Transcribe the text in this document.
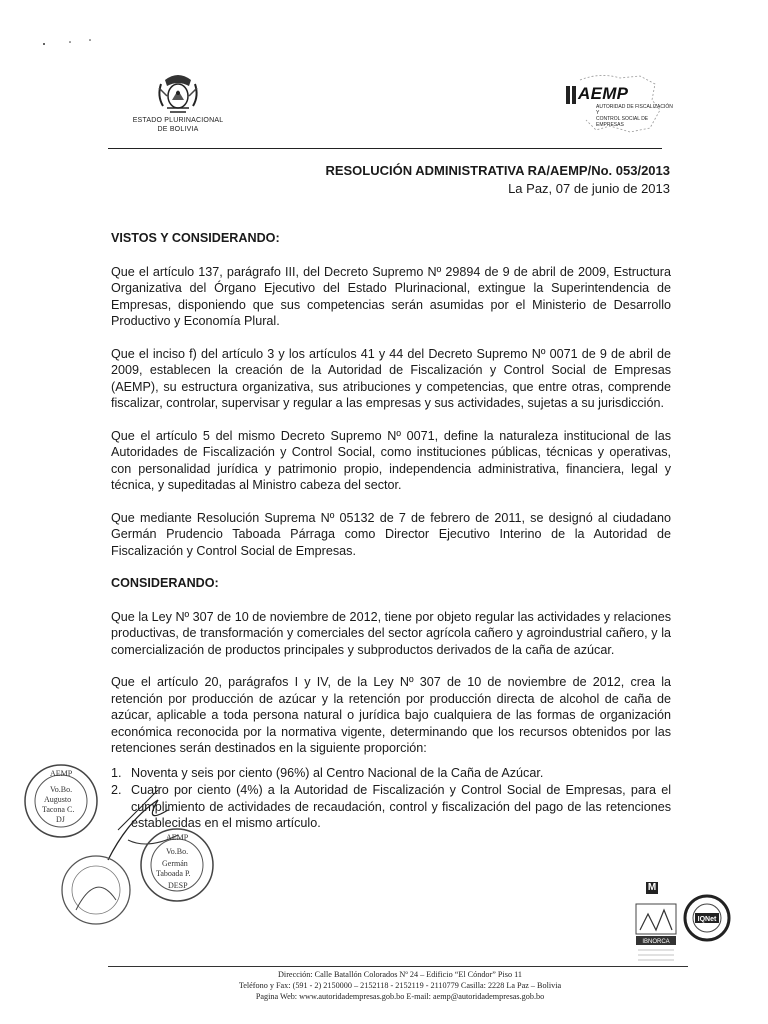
ESTADO PLURINACIONAL
DE BOLIVIA
AEMP
AUTORIDAD DE FISCALIZACIÓN Y
CONTROL SOCIAL DE EMPRESAS
RESOLUCIÓN ADMINISTRATIVA RA/AEMP/No. 053/2013
La Paz, 07 de junio de 2013
VISTOS Y CONSIDERANDO:

Que el artículo 137, parágrafo III, del Decreto Supremo Nº 29894 de 9 de abril de 2009, Estructura Organizativa del Órgano Ejecutivo del Estado Plurinacional, extingue la Superintendencia de Empresas, disponiendo que sus competencias serán asumidas por el Ministerio de Desarrollo Productivo y Economía Plural.

Que el inciso f) del artículo 3 y los artículos 41 y 44 del Decreto Supremo Nº 0071 de 9 de abril de 2009, establecen la creación de la Autoridad de Fiscalización y Control Social de Empresas (AEMP), su estructura organizativa, sus atribuciones y competencias, que entre otras, comprende fiscalizar, controlar, supervisar y regular a las empresas y sus actividades, sujetas a su jurisdicción.

Que el artículo 5 del mismo Decreto Supremo Nº 0071, define la naturaleza institucional de las Autoridades de Fiscalización y Control Social, como instituciones públicas, técnicas y operativas, con personalidad jurídica y patrimonio propio, independencia administrativa, financiera, legal y técnica, y supeditadas al Ministro cabeza del sector.

Que mediante Resolución Suprema Nº 05132 de 7 de febrero de 2011, se designó al ciudadano Germán Prudencio Taboada Párraga como Director Ejecutivo Interino de la Autoridad de Fiscalización y Control Social de Empresas.

CONSIDERANDO:

Que la Ley Nº 307 de 10 de noviembre de 2012, tiene por objeto regular las actividades y relaciones productivas, de transformación y comerciales del sector agrícola cañero y agroindustrial cañero, y la comercialización de productos principales y subproductos derivados de la caña de azúcar.

Que el artículo 20, parágrafos I y IV, de la Ley Nº 307 de 10 de noviembre de 2012, crea la retención por producción de azúcar y la retención por producción directa de alcohol de caña de azúcar, aplicable a toda persona natural o jurídica bajo cualquiera de las formas de organización económica reconocida por la normativa vigente, determinando que los recursos obtenidos por las retenciones serán destinados en la siguiente proporción:

1. Noventa y seis por ciento (96%) al Centro Nacional de la Caña de Azúcar.
2. Cuatro por ciento (4%) a la Autoridad de Fiscalización y Control Social de Empresas, para el cumplimiento de actividades de recaudación, control y fiscalización del pago de las retenciones establecidas en el mismo artículo.
AEMP
Vo.Bo.
Augusto
Tacona C.
DJ
AEMP
Vo.Bo.
Germán
Taboada P.
DESP	M
IBNORCA
IQNet
Dirección: Calle Batallón Colorados Nº 24 – Edificio “El Cóndor” Piso 11
Teléfono y Fax: (591 - 2) 2150000 – 2152118 - 2152119 - 2110779 Casilla: 2228 La Paz – Bolivia
Pagina Web: www.autoridadempresas.gob.bo E-mail: aemp@autoridadempresas.gob.bo
